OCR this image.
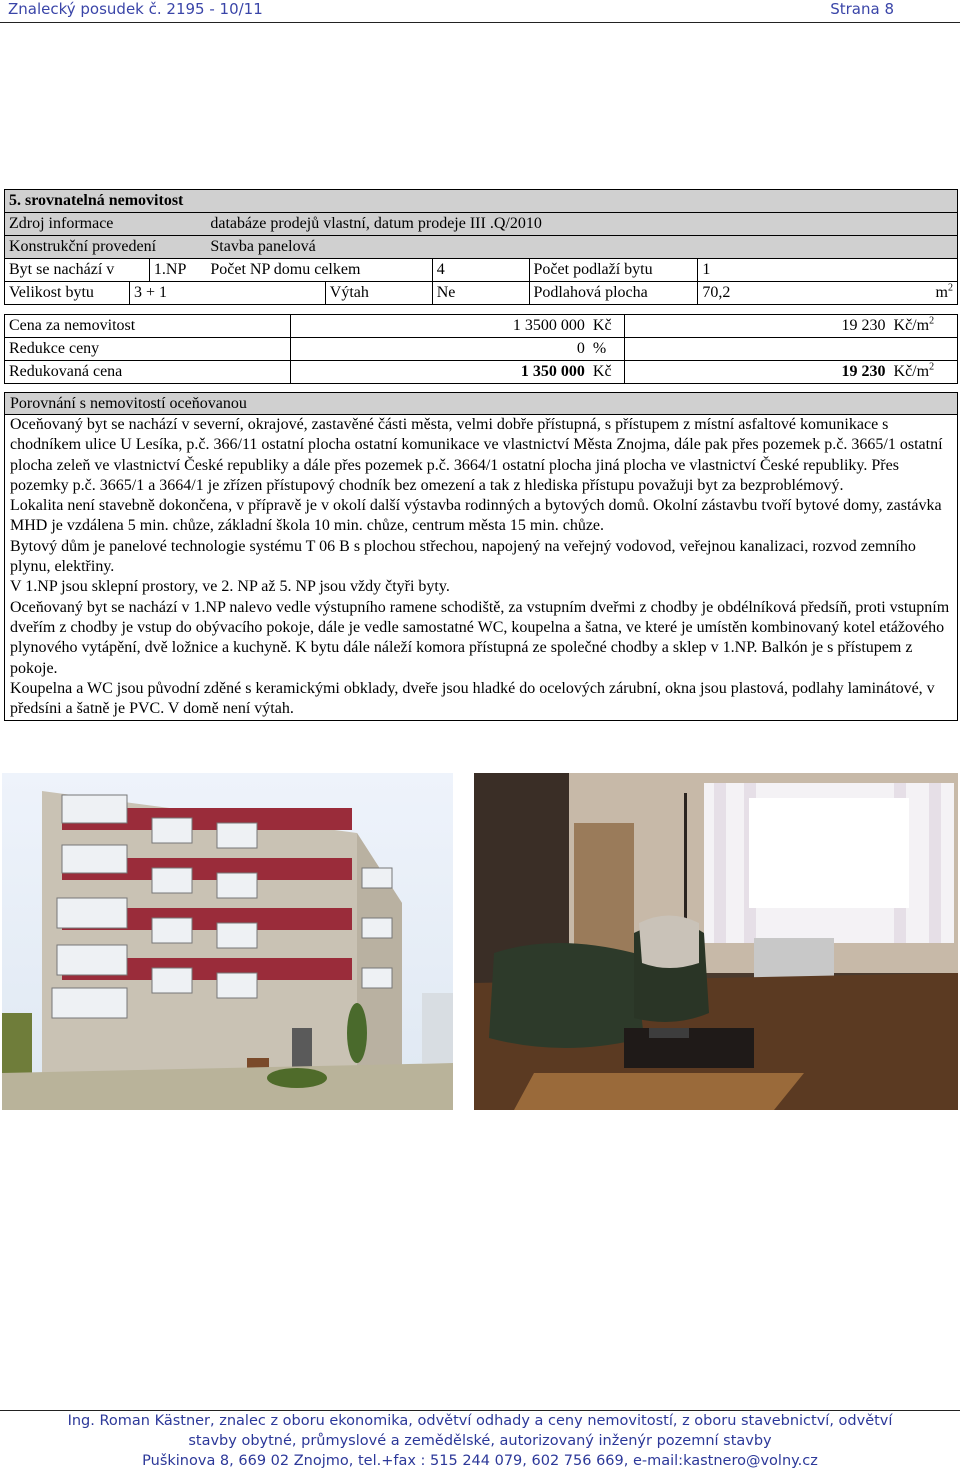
Znalecký posudek č. 2195 - 10/11	Strana 8
5. srovnatelná nemovitost								
Zdroj informace			databáze prodejů vlastní, datum prodeje III .Q/2010					
Konstrukční provedení			Stavba panelová					
Byt se nachází v		1.NP	Počet NP domu celkem		4	Počet podlaží bytu	1	
Velikost bytu	3 + 1			Výtah	Ne	Podlahová plocha	70,2	$m^2$
Cena za nemovitost	1 3500 000	Kč	19 230	$Kč/m^2$
Redukce ceny	0	%		
Redukovaná cena	1 350 000	Kč	19 230	$Kč/m^2$
Porovnání s nemovitostí oceňovanou

Oceňovaný byt se nachází v severní, okrajové, zastavěné části města, velmi dobře přístupná, s přístupem z místní asfaltové komunikace s chodníkem ulice U Lesíka, p.č. 366/11 ostatní plocha ostatní komunikace ve vlastnictví Města Znojma, dále pak přes pozemek p.č. 3665/1 ostatní plocha zeleň ve vlastnictví České republiky a dále přes pozemek p.č. 3664/1 ostatní plocha jiná plocha ve vlastnictví České republiky. Přes pozemky p.č. 3665/1 a 3664/1 je zřízen přístupový chodník bez omezení a tak z hlediska přístupu považuji byt za bezproblémový.

Lokalita není stavebně dokončena, v přípravě je v okolí další výstavba rodinných a bytových domů. Okolní zástavbu tvoří bytové domy, zastávka MHD je vzdálena 5 min. chůze, základní škola 10 min. chůze, centrum města 15 min. chůze.

Bytový dům je panelové technologie systému T 06 B s plochou střechou, napojený na veřejný vodovod, veřejnou kanalizaci, rozvod zemního plynu, elektřiny.

V 1.NP jsou sklepní prostory, ve 2. NP až 5. NP jsou vždy čtyři byty.

Oceňovaný byt se nachází v 1.NP nalevo vedle výstupního ramene schodiště, za vstupním dveřmi z chodby je obdélníková předsíň, proti vstupním dveřím z chodby je vstup do obývacího pokoje, dále je vedle samostatné WC, koupelna a šatna, ve které je umístěn kombinovaný kotel etážového plynového vytápění, dvě ložnice a kuchyně. K bytu dále náleží komora přístupná ze společné chodby a sklep v 1.NP. Balkón je s přístupem z pokoje.

Koupelna a WC jsou původní zděné s keramickými obklady, dveře jsou hladké do ocelových zárubní, okna jsou plastová, podlahy laminátové, v předsíni a šatně je PVC. V domě není výtah.

Ing. Roman Kästner, znalec z oboru ekonomika, odvětví odhady a ceny nemovitostí, z oboru stavebnictví, odvětví
stavby obytné, průmyslové a zemědělské, autorizovaný inženýr pozemní stavby
Puškinova 8, 669 02 Znojmo, tel.+fax : 515 244 079, 602 756 669, e-mail:kastnero@volny.cz
